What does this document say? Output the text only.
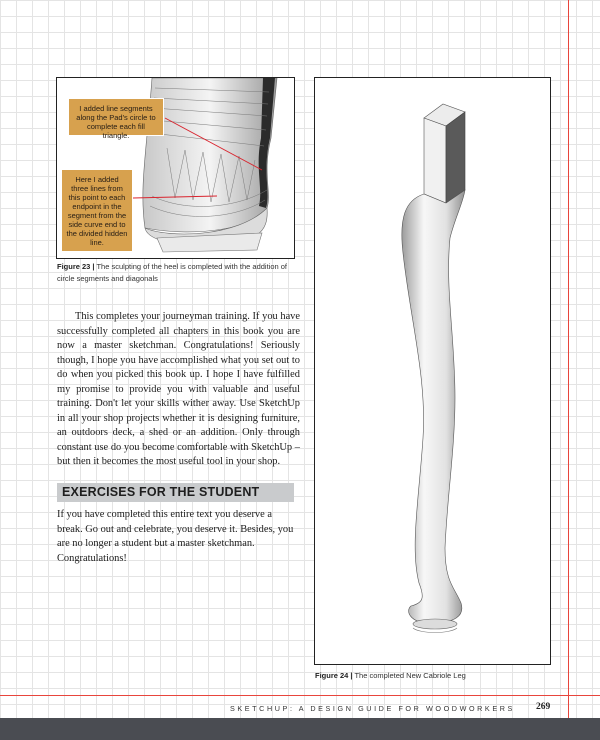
I added line segments along the Pad's circle to complete each fill triangle.
Here I added three lines from this point to each endpoint in the segment from the side curve end to the divided hidden line.
Figure 23 | The sculpting of the heel is completed with the addition of circle segments and diagonals

This completes your journeyman training. If you have successfully completed all chapters in this book you are now a master sketchman. Congratulations! Seriously though, I hope you have accomplished what you set out to do when you picked this book up. I hope I have fulfilled my promise to provide you with valuable and useful training. Don't let your skills wither away. Use SketchUp in all your shop projects whether it is designing furniture, an outdoors deck, a shed or an addition. Only through constant use do you become comfortable with SketchUp – but then it becomes the most useful tool in your shop.

EXERCISES FOR THE STUDENT

If you have completed this entire text you deserve a break. Go out and celebrate, you deserve it. Besides, you are no longer a student but a master sketchman. Congratulations!

Figure 24 | The completed New Cabriole Leg
SKETCHUP: A DESIGN GUIDE FOR WOODWORKERS	269
